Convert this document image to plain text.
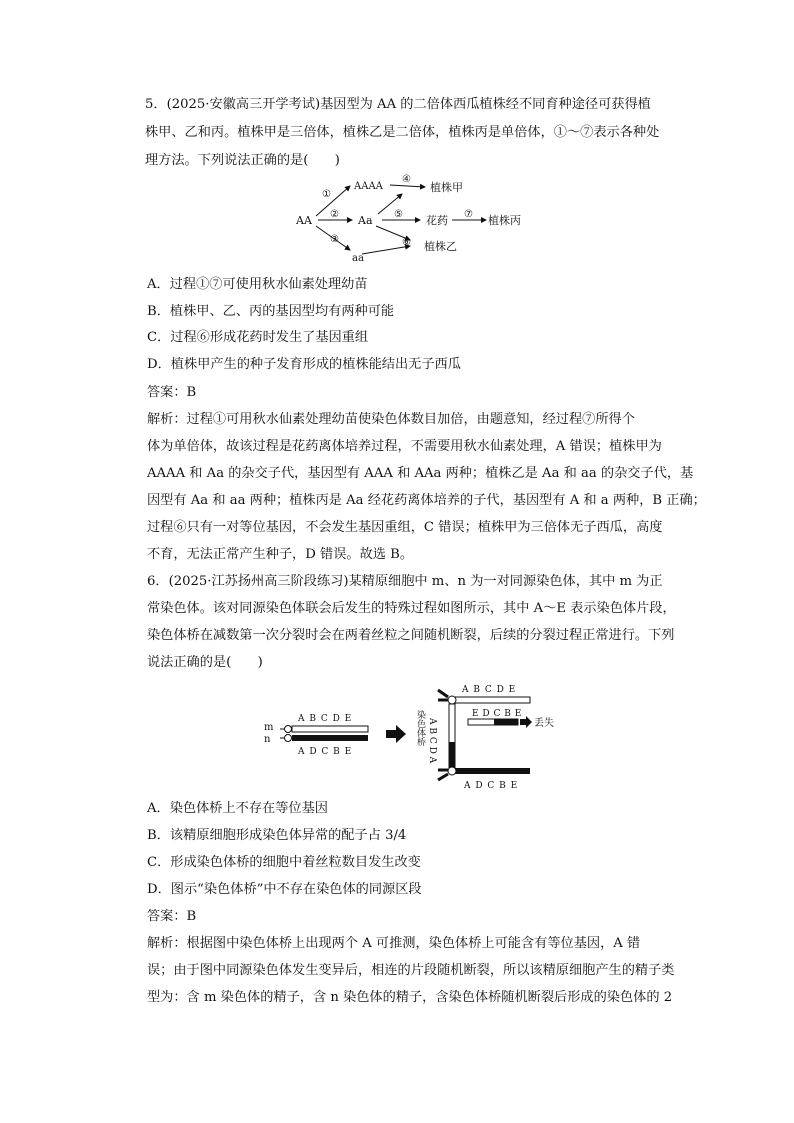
5．(2025·安徽高三开学考试)基因型为 AA 的二倍体西瓜植株经不同育种途径可获得植
株甲、乙和丙。植株甲是三倍体，植株乙是二倍体，植株丙是单倍体，①～⑦表示各种处
理方法。下列说法正确的是(　　)
AA
AAAA
Aa
aa
花药
植株甲
植株丙
植株乙
①
②
③
④
⑤
⑥
⑦
A．过程①⑦可使用秋水仙素处理幼苗
B．植株甲、乙、丙的基因型均有两种可能
C．过程⑥形成花药时发生了基因重组
D．植株甲产生的种子发育形成的植株能结出无子西瓜
答案：B
解析：过程①可用秋水仙素处理幼苗使染色体数目加倍，由题意知，经过程⑦所得个
体为单倍体，故该过程是花药离体培养过程，不需要用秋水仙素处理，A 错误；植株甲为
AAAA 和 Aa 的杂交子代，基因型有 AAA 和 AAa 两种；植株乙是 Aa 和 aa 的杂交子代，基
因型有 Aa 和 aa 两种；植株丙是 Aa 经花药离体培养的子代，基因型有 A 和 a 两种，B 正确；
过程⑥只有一对等位基因，不会发生基因重组，C 错误；植株甲为三倍体无子西瓜，高度
不育，无法正常产生种子，D 错误。故选 B。
6．(2025·江苏扬州高三阶段练习)某精原细胞中 m、n 为一对同源染色体，其中 m 为正
常染色体。该对同源染色体联会后发生的特殊过程如图所示，其中 A～E 表示染色体片段，
染色体桥在减数第一次分裂时会在两着丝粒之间随机断裂，后续的分裂过程正常进行。下列
说法正确的是(　　)
m
n
A B C D E
A D C B E
染色体桥
A B C D E
A B C D A
E D C B E
丢失
A D C B E
A．染色体桥上不存在等位基因
B．该精原细胞形成染色体异常的配子占 3/4
C．形成染色体桥的细胞中着丝粒数目发生改变
D．图示“染色体桥”中不存在染色体的同源区段
答案：B
解析：根据图中染色体桥上出现两个 A 可推测，染色体桥上可能含有等位基因，A 错
误；由于图中同源染色体发生变异后，相连的片段随机断裂，所以该精原细胞产生的精子类
型为：含 m 染色体的精子，含 n 染色体的精子，含染色体桥随机断裂后形成的染色体的 2
